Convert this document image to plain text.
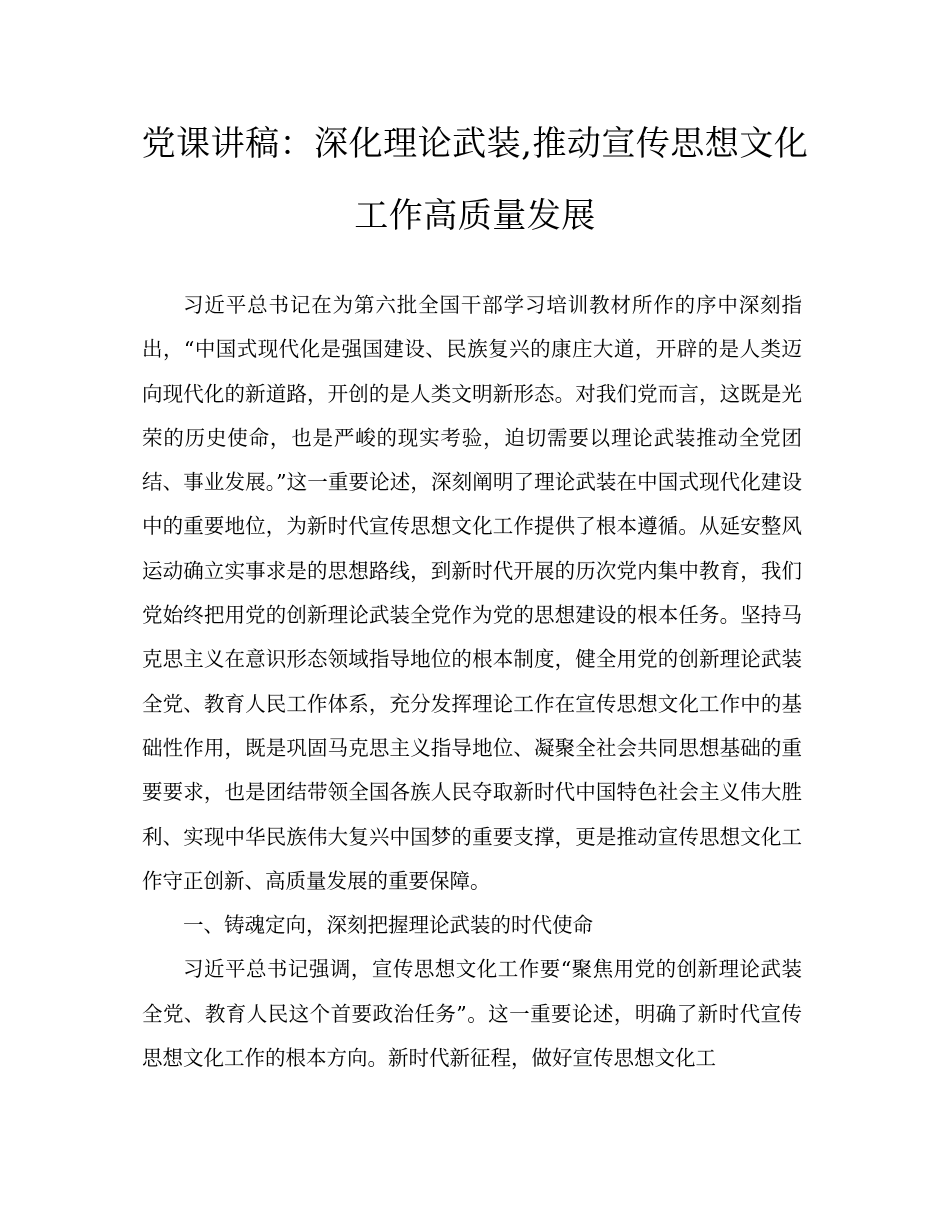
党课讲稿：深化理论武装,推动宣传思想文化
工作高质量发展

习近平总书记在为第六批全国干部学习培训教材所作的序中深刻指出，“中国式现代化是强国建设、民族复兴的康庄大道，开辟的是人类迈向现代化的新道路，开创的是人类文明新形态。对我们党而言，这既是光荣的历史使命，也是严峻的现实考验，迫切需要以理论武装推动全党团结、事业发展。”这一重要论述，深刻阐明了理论武装在中国式现代化建设中的重要地位，为新时代宣传思想文化工作提供了根本遵循。从延安整风运动确立实事求是的思想路线，到新时代开展的历次党内集中教育，我们党始终把用党的创新理论武装全党作为党的思想建设的根本任务。坚持马克思主义在意识形态领域指导地位的根本制度，健全用党的创新理论武装全党、教育人民工作体系，充分发挥理论工作在宣传思想文化工作中的基础性作用，既是巩固马克思主义指导地位、凝聚全社会共同思想基础的重要要求，也是团结带领全国各族人民夺取新时代中国特色社会主义伟大胜利、实现中华民族伟大复兴中国梦的重要支撑，更是推动宣传思想文化工作守正创新、高质量发展的重要保障。

一、铸魂定向，深刻把握理论武装的时代使命

习近平总书记强调，宣传思想文化工作要“聚焦用党的创新理论武装全党、教育人民这个首要政治任务”。这一重要论述，明确了新时代宣传思想文化工作的根本方向。新时代新征程，做好宣传思想文化工
